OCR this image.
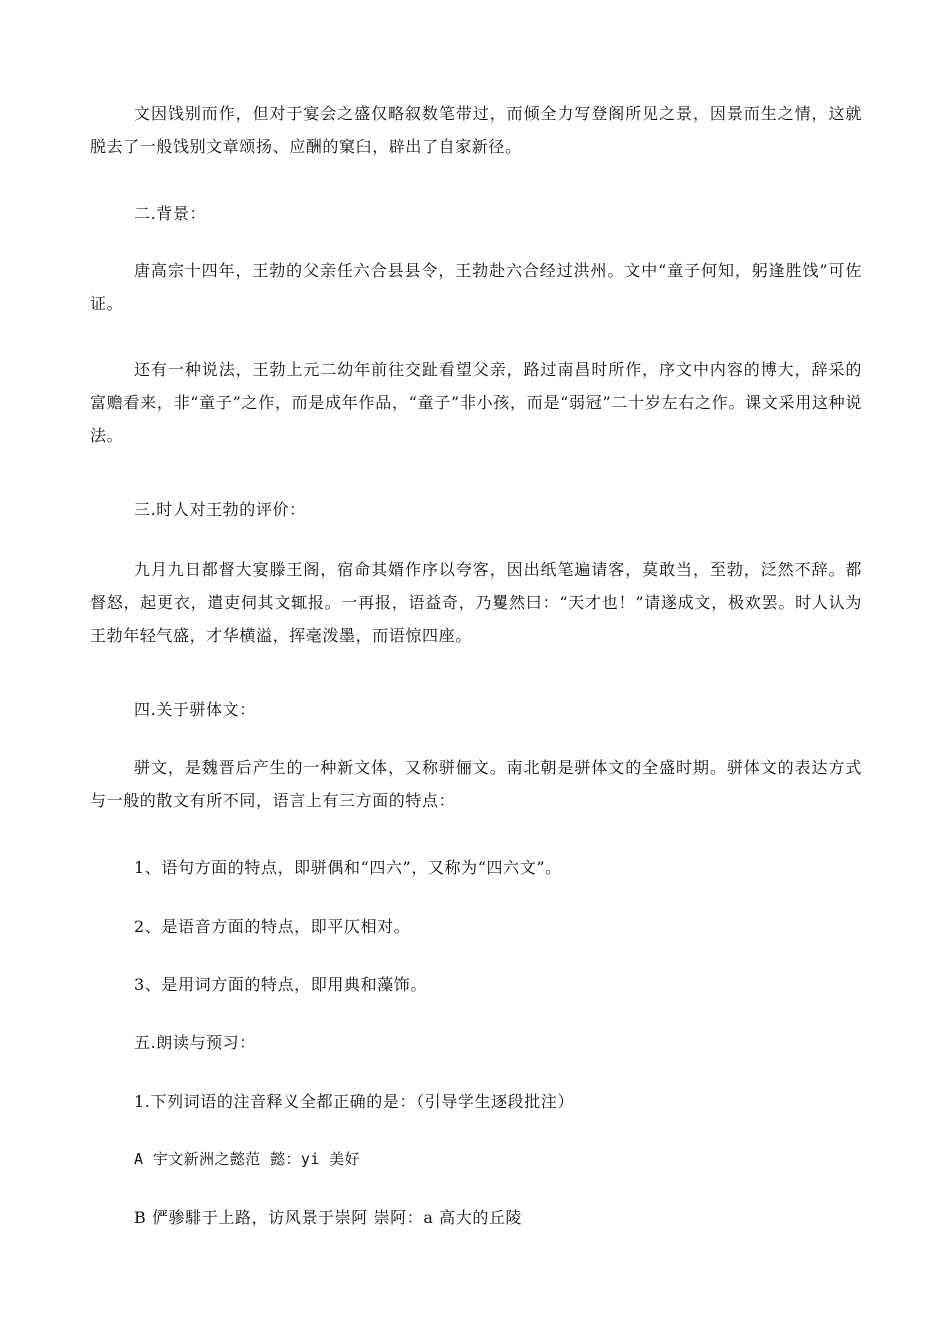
文因饯别而作，但对于宴会之盛仅略叙数笔带过，而倾全力写登阁所见之景，因景而生之情，这就脱去了一般饯别文章颂扬、应酬的窠臼，辟出了自家新径。

二.背景：

唐高宗十四年，王勃的父亲任六合县县令，王勃赴六合经过洪州。文中“童子何知，躬逢胜饯”可佐证。

还有一种说法，王勃上元二幼年前往交趾看望父亲，路过南昌时所作，序文中内容的博大，辞采的富赡看来，非“童子”之作，而是成年作品，“童子”非小孩，而是“弱冠”二十岁左右之作。课文采用这种说法。

三.时人对王勃的评价：

九月九日都督大宴滕王阁，宿命其婿作序以夸客，因出纸笔遍请客，莫敢当，至勃，泛然不辞。都督怒，起更衣，遣吏伺其文辄报。一再报，语益奇，乃矍然曰：“天才也！”请遂成文，极欢罢。时人认为王勃年轻气盛，才华横溢，挥毫泼墨，而语惊四座。

四.关于骈体文：

骈文，是魏晋后产生的一种新文体，又称骈俪文。南北朝是骈体文的全盛时期。骈体文的表达方式与一般的散文有所不同，语言上有三方面的特点：

1、语句方面的特点，即骈偶和“四六”，又称为“四六文”。

2、是语音方面的特点，即平仄相对。

3、是用词方面的特点，即用典和藻饰。

五.朗读与预习：

1.下列词语的注音释义全都正确的是：（引导学生逐段批注）

A 宇文新洲之懿范 懿：yi 美好

B 俨骖騑于上路，访风景于崇阿 崇阿：a 高大的丘陵
